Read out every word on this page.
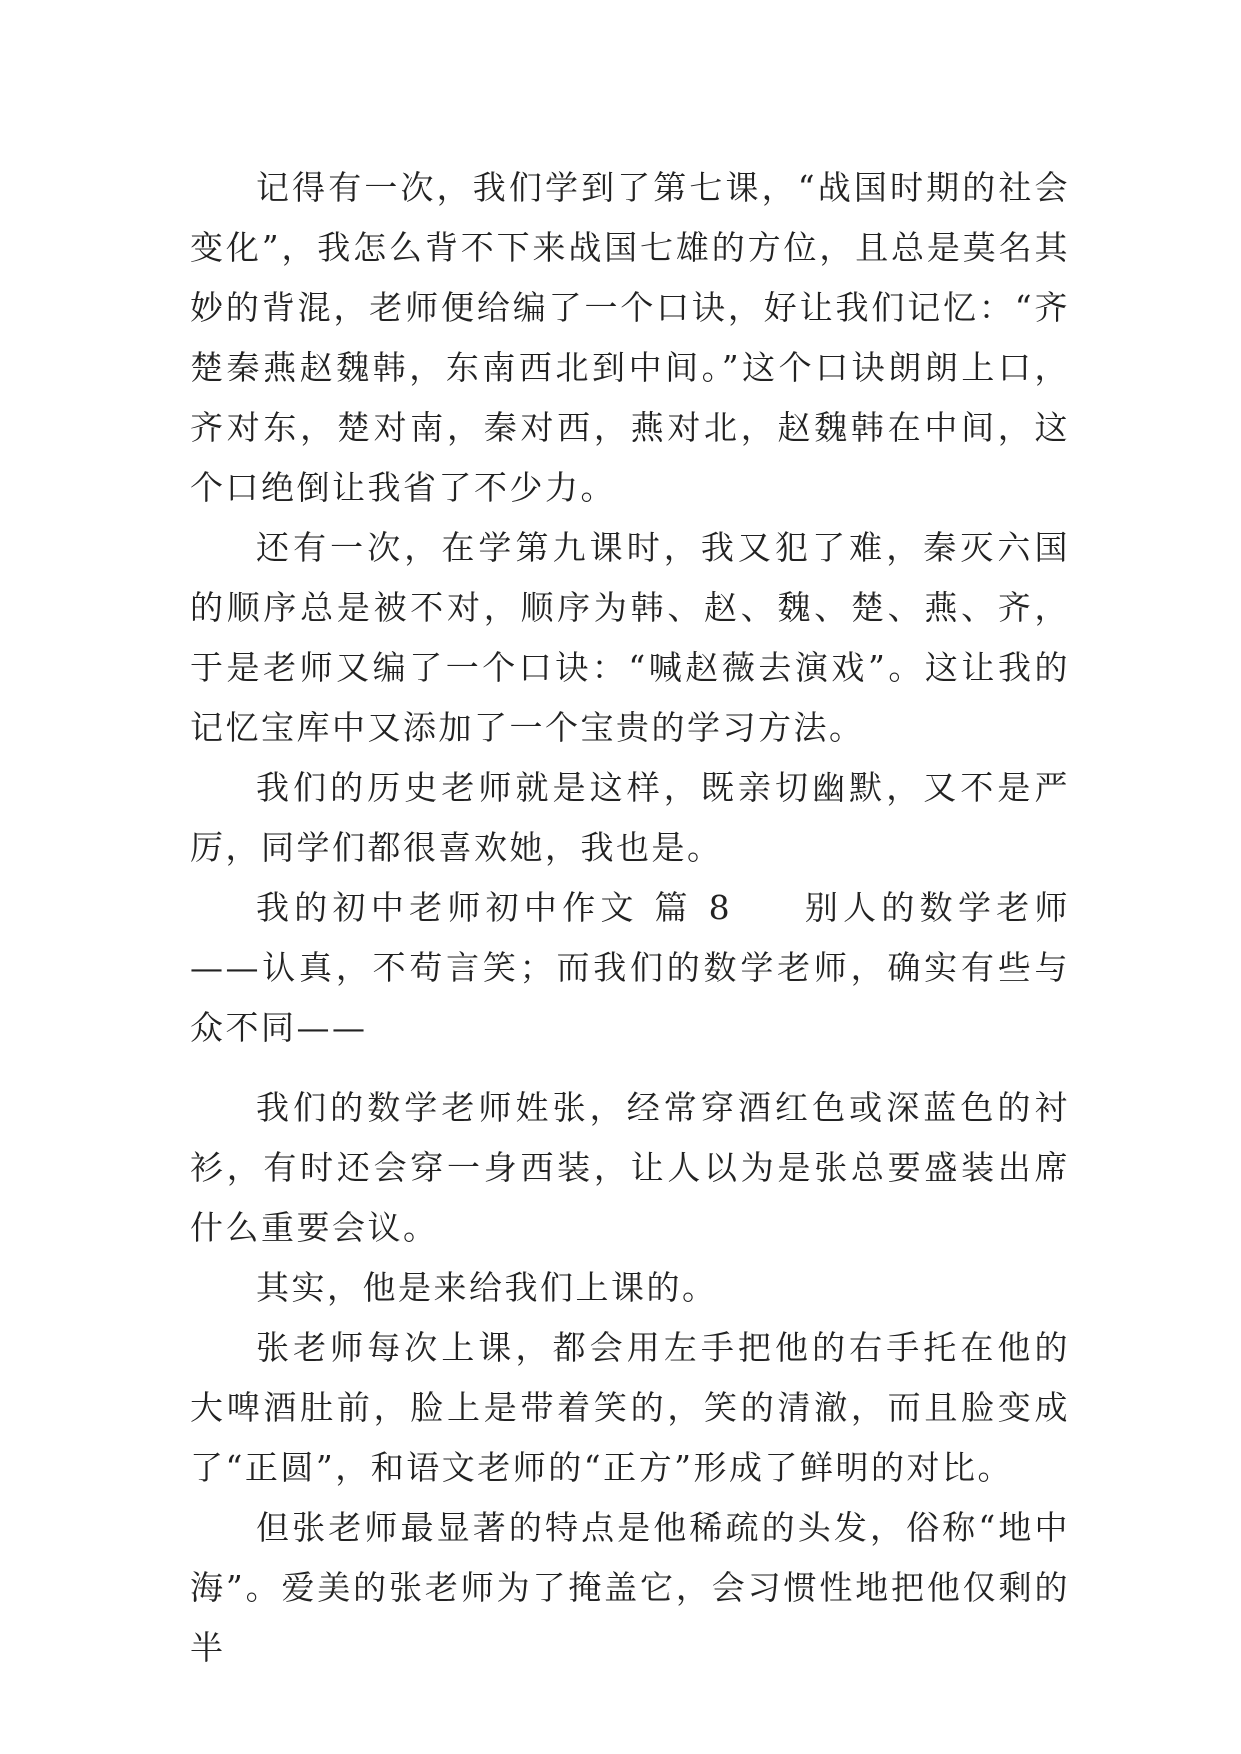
记得有一次，我们学到了第七课，“战国时期的社会变化”，我怎么背不下来战国七雄的方位，且总是莫名其妙的背混，老师便给编了一个口诀，好让我们记忆：“齐楚秦燕赵魏韩，东南西北到中间。”这个口诀朗朗上口，齐对东，楚对南，秦对西，燕对北，赵魏韩在中间，这个口绝倒让我省了不少力。

还有一次，在学第九课时，我又犯了难，秦灭六国的顺序总是被不对，顺序为韩、赵、魏、楚、燕、齐，于是老师又编了一个口诀：“喊赵薇去演戏”。这让我的记忆宝库中又添加了一个宝贵的学习方法。

我们的历史老师就是这样，既亲切幽默，又不是严厉，同学们都很喜欢她，我也是。

我的初中老师初中作文 篇 8 别人的数学老师——认真，不苟言笑；而我们的数学老师，确实有些与众不同——

我们的数学老师姓张，经常穿酒红色或深蓝色的衬衫，有时还会穿一身西装，让人以为是张总要盛装出席什么重要会议。

其实，他是来给我们上课的。

张老师每次上课，都会用左手把他的右手托在他的大啤酒肚前，脸上是带着笑的，笑的清澈，而且脸变成了“正圆”，和语文老师的“正方”形成了鲜明的对比。

但张老师最显著的特点是他稀疏的头发，俗称“地中海”。爱美的张老师为了掩盖它，会习惯性地把他仅剩的半
